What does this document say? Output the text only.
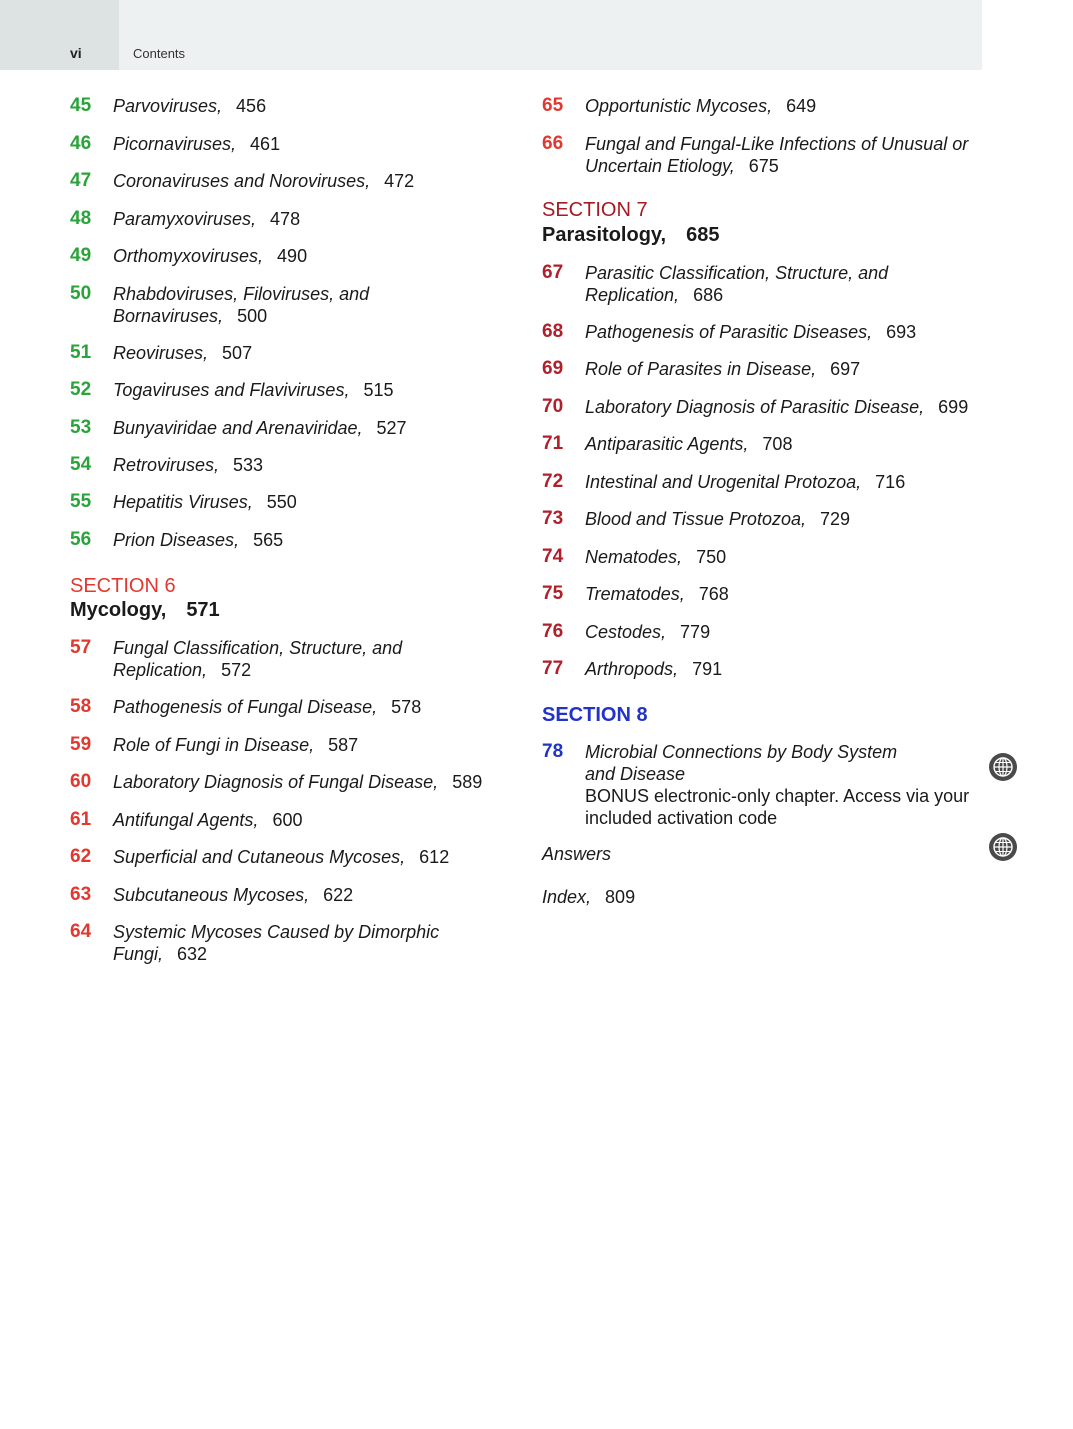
vi	Contents
45 Parvoviruses, 456
46 Picornaviruses, 461
47 Coronaviruses and Noroviruses, 472
48 Paramyxoviruses, 478
49 Orthomyxoviruses, 490
50 Rhabdoviruses, Filoviruses, and
Bornaviruses, 500
51 Reoviruses, 507
52 Togaviruses and Flaviviruses, 515
53 Bunyaviridae and Arenaviridae, 527
54 Retroviruses, 533
55 Hepatitis Viruses, 550
56 Prion Diseases, 565
SECTION 6
Mycology, 571
57 Fungal Classification, Structure, and
Replication, 572
58 Pathogenesis of Fungal Disease, 578
59 Role of Fungi in Disease, 587
60 Laboratory Diagnosis of Fungal Disease, 589
61 Antifungal Agents, 600
62 Superficial and Cutaneous Mycoses, 612
63 Subcutaneous Mycoses, 622
64 Systemic Mycoses Caused by Dimorphic
Fungi, 632
65 Opportunistic Mycoses, 649
66 Fungal and Fungal-Like Infections of Unusual or
Uncertain Etiology, 675
SECTION 7
Parasitology, 685
67 Parasitic Classification, Structure, and
Replication, 686
68 Pathogenesis of Parasitic Diseases, 693
69 Role of Parasites in Disease, 697
70 Laboratory Diagnosis of Parasitic Disease, 699
71 Antiparasitic Agents, 708
72 Intestinal and Urogenital Protozoa, 716
73 Blood and Tissue Protozoa, 729
74 Nematodes, 750
75 Trematodes, 768
76 Cestodes, 779
77 Arthropods, 791
SECTION 8
78 Microbial Connections by Body System
and Disease
BONUS electronic-only chapter. Access via your
included activation code
Answers
Index, 809
